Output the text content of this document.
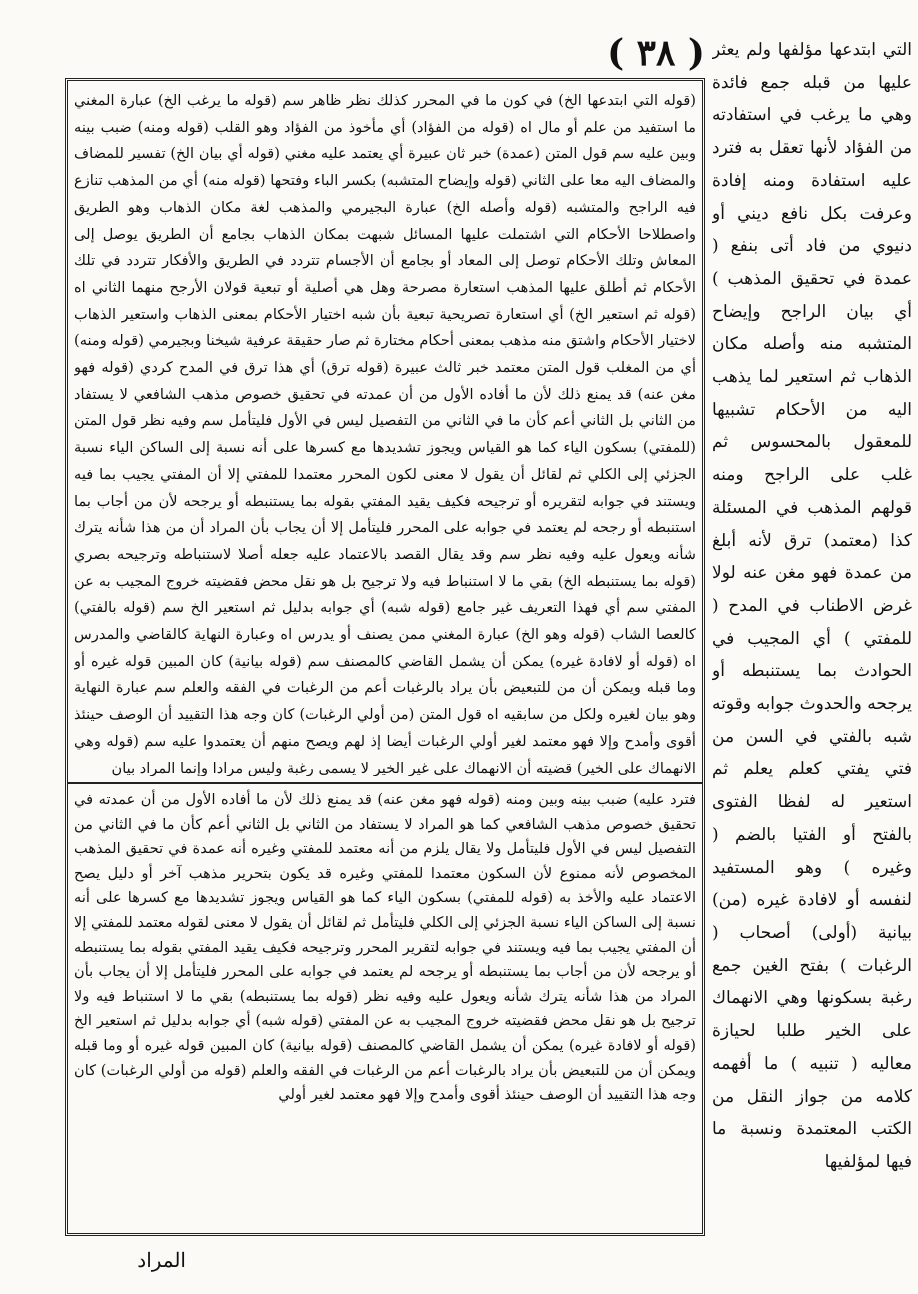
( ٣٨ ) التي ابتدعها مؤلفها ولم يعثر عليها من قبله جمع فائدة وهي ما يرغب في استفادته من الفؤاد لأنها تعقل به فترد عليه استفادة ومنه إفادة وعرفت بكل نافع ديني أو دنيوي من فاد أتى بنفع ( عمدة في تحقيق المذهب ) أي بيان الراجح وإيضاح المتشبه منه وأصله مكان الذهاب ثم استعير لما يذهب اليه من الأحكام تشبيها للمعقول بالمحسوس ثم غلب على الراجح ومنه قولهم المذهب في المسئلة كذا (معتمد) ترق لأنه أبلغ من عمدة فهو مغن عنه لولا غرض الاطناب في المدح ( للمفتي ) أي المجيب في الحوادث بما يستنبطه أو يرجحه والحدوث جوابه وقوته شبه بالفتي في السن من فتي يفتي كعلم يعلم ثم استعير له لفظا الفتوى بالفتح أو الفتيا بالضم ( وغيره ) وهو المستفيد لنفسه أو لافادة غيره (من) بيانية (أولى) أصحاب ( الرغبات ) بفتح الغين جمع رغبة بسكونها وهي الانهماك على الخير طلبا لحيازة معاليه ( تنبيه ) ما أفهمه كلامه من جواز النقل من الكتب المعتمدة ونسبة ما فيها لمؤلفيها

(قوله التي ابتدعها الخ) في كون ما في المحرر كذلك نظر ظاهر سم (قوله ما يرغب الخ) عبارة المغني ما استفيد من علم أو مال اه (قوله من الفؤاد) أي مأخوذ من الفؤاد وهو القلب (قوله ومنه) ضبب بينه وبين عليه سم قول المتن (عمدة) خبر ثان عبيرة أي يعتمد عليه مغني (قوله أي بيان الخ) تفسير للمضاف والمضاف اليه معا على الثاني (قوله وإيضاح المتشبه) بكسر الباء وفتحها (قوله منه) أي من المذهب تنازع فيه الراجح والمتشبه (قوله وأصله الخ) عبارة البجيرمي والمذهب لغة مكان الذهاب وهو الطريق واصطلاحا الأحكام التي اشتملت عليها المسائل شبهت بمكان الذهاب بجامع أن الطريق يوصل إلى المعاش وتلك الأحكام توصل إلى المعاد أو بجامع أن الأجسام تتردد في الطريق والأفكار تتردد في تلك الأحكام ثم أطلق عليها المذهب استعارة مصرحة وهل هي أصلية أو تبعية قولان الأرجح منهما الثاني اه (قوله ثم استعير الخ) أي استعارة تصريحية تبعية بأن شبه اختيار الأحكام بمعنى الذهاب واستعير الذهاب لاختيار الأحكام واشتق منه مذهب بمعنى أحكام مختارة ثم صار حقيقة عرفية شيخنا وبجيرمي (قوله ومنه) أي من المغلب قول المتن معتمد خبر ثالث عبيرة (قوله ترق) أي هذا ترق في المدح كردي (قوله فهو مغن عنه) قد يمنع ذلك لأن ما أفاده الأول من أن عمدته في تحقيق خصوص مذهب الشافعي لا يستفاد من الثاني بل الثاني أعم كأن ما في الثاني من التفصيل ليس في الأول فليتأمل سم وفيه نظر قول المتن (للمفتي) بسكون الياء كما هو القياس ويجوز تشديدها مع كسرها على أنه نسبة إلى الساكن الياء نسبة الجزئي إلى الكلي ثم لقائل أن يقول لا معنى لكون المحرر معتمدا للمفتي إلا أن المفتي يجيب بما فيه ويستند في جوابه لتقريره أو ترجيحه فكيف يقيد المفتي بقوله بما يستنبطه أو يرجحه لأن من أجاب بما استنبطه أو رجحه لم يعتمد في جوابه على المحرر فليتأمل إلا أن يجاب بأن المراد أن من هذا شأنه يترك شأنه ويعول عليه وفيه نظر سم وقد يقال القصد بالاعتماد عليه جعله أصلا لاستنباطه وترجيحه بصري (قوله بما يستنبطه الخ) بقي ما لا استنباط فيه ولا ترجيح بل هو نقل محض فقضيته خروج المجيب به عن المفتي سم أي فهذا التعريف غير جامع (قوله شبه) أي جوابه بدليل ثم استعير الخ سم (قوله بالفتي) كالعصا الشاب (قوله وهو الخ) عبارة المغني ممن يصنف أو يدرس اه وعبارة النهاية كالقاضي والمدرس اه (قوله أو لافادة غيره) يمكن أن يشمل القاضي كالمصنف سم (قوله بيانية) كان المبين قوله غيره أو وما قبله ويمكن أن من للتبعيض بأن يراد بالرغبات أعم من الرغبات في الفقه والعلم سم عبارة النهاية وهو بيان لغيره ولكل من سابقيه اه قول المتن (من أولي الرغبات) كان وجه هذا التقييد أن الوصف حينئذ أقوى وأمدح وإلا فهو معتمد لغير أولي الرغبات أيضا إذ لهم ويصح منهم أن يعتمدوا عليه سم (قوله وهي الانهماك على الخير) قضيته أن الانهماك على غير الخير لا يسمى رغبة وليس مرادا وإنما المراد بيان

فترد عليه) ضبب بينه وبين ومنه (قوله فهو مغن عنه) قد يمنع ذلك لأن ما أفاده الأول من أن عمدته في تحقيق خصوص مذهب الشافعي كما هو المراد لا يستفاد من الثاني بل الثاني أعم كأن ما في الثاني من التفصيل ليس في الأول فليتأمل ولا يقال يلزم من أنه معتمد للمفتي وغيره أنه عمدة في تحقيق المذهب المخصوص لأنه ممنوع لأن السكون معتمدا للمفتي وغيره قد يكون بتحرير مذهب آخر أو دليل يصح الاعتماد عليه والأخذ به (قوله للمفتي) بسكون الياء كما هو القياس ويجوز تشديدها مع كسرها على أنه نسبة إلى الساكن الياء نسبة الجزئي إلى الكلي فليتأمل ثم لقائل أن يقول لا معنى لقوله معتمد للمفتي إلا أن المفتي يجيب بما فيه ويستند في جوابه لتقرير المحرر وترجيحه فكيف يقيد المفتي بقوله بما يستنبطه أو يرجحه لأن من أجاب بما يستنبطه أو يرجحه لم يعتمد في جوابه على المحرر فليتأمل إلا أن يجاب بأن المراد من هذا شأنه يترك شأنه ويعول عليه وفيه نظر (قوله بما يستنبطه) بقي ما لا استنباط فيه ولا ترجيح بل هو نقل محض فقضيته خروج المجيب به عن المفتي (قوله شبه) أي جوابه بدليل ثم استعير الخ (قوله أو لافادة غيره) يمكن أن يشمل القاضي كالمصنف (قوله بيانية) كان المبين قوله غيره أو وما قبله ويمكن أن من للتبعيض بأن يراد بالرغبات أعم من الرغبات في الفقه والعلم (قوله من أولي الرغبات) كان وجه هذا التقييد أن الوصف حينئذ أقوى وأمدح وإلا فهو معتمد لغير أولي

المراد
